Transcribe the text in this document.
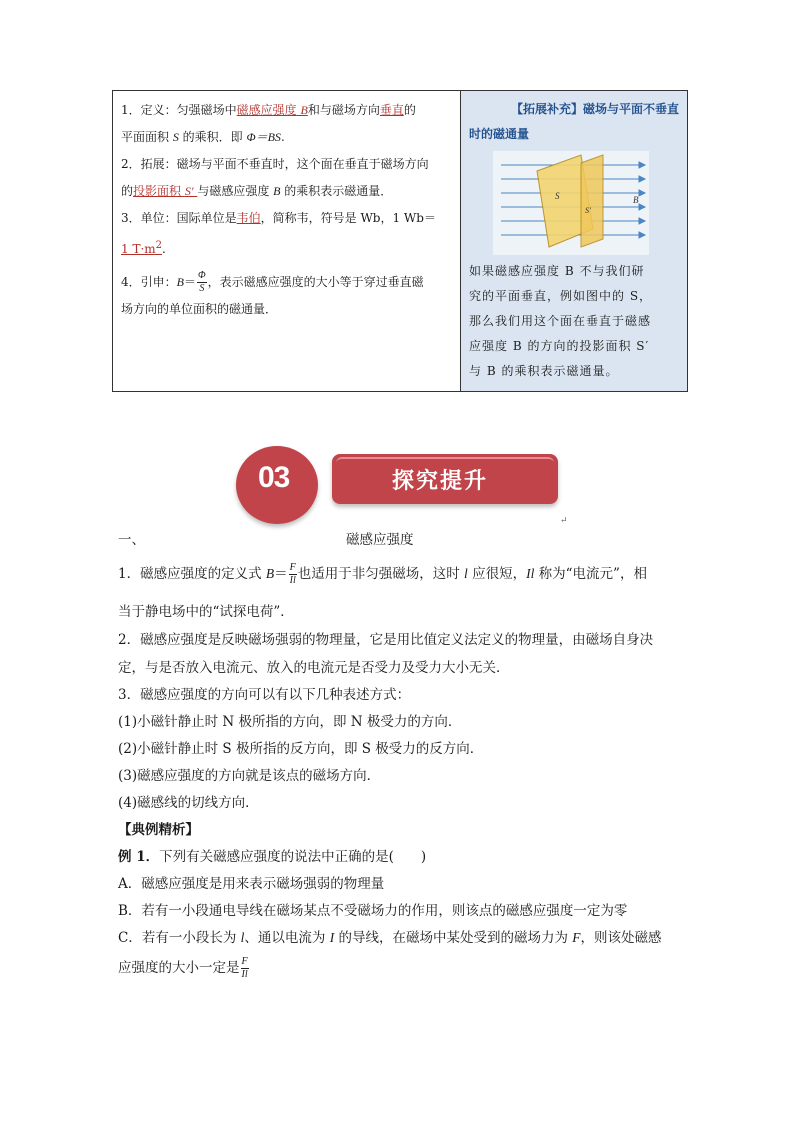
1．定义：匀强磁场中磁感应强度 B和与磁场方向垂直的
平面面积 S 的乘积．即 Φ＝BS.
2．拓展：磁场与平面不垂直时，这个面在垂直于磁场方向
的投影面积 S′ 与磁感应强度 B 的乘积表示磁通量．
3．单位：国际单位是韦伯，简称韦，符号是 Wb，1 Wb＝
1 $T\cdot m^2$.
4．引申：$B= \frac{\Phi}{S}$ ，表示磁感应强度的大小等于穿过垂直磁
场方向的单位面积的磁通量．
【拓展补充】磁场与平面不垂直
时的磁通量
S
S′
B
如果磁感应强度 B 不与我们研
究的平面垂直，例如图中的 S，
那么我们用这个面在垂直于磁感
应强度 B 的方向的投影面积 S′
与 B 的乘积表示磁通量。
03	探究提升
↵
一、	磁感应强度
1．磁感应强度的定义式 $B= \frac{F}{Il}$ 也适用于非匀强磁场，这时 l 应很短，Il 称为“电流元”，相
当于静电场中的“试探电荷”．
2．磁感应强度是反映磁场强弱的物理量，它是用比值定义法定义的物理量，由磁场自身决
定，与是否放入电流元、放入的电流元是否受力及受力大小无关．
3．磁感应强度的方向可以有以下几种表述方式：
(1)小磁针静止时 N 极所指的方向，即 N 极受力的方向．
(2)小磁针静止时 S 极所指的反方向，即 S 极受力的反方向．
(3)磁感应强度的方向就是该点的磁场方向．
(4)磁感线的切线方向．
【典例精析】
例 1．下列有关磁感应强度的说法中正确的是(　　)
A．磁感应强度是用来表示磁场强弱的物理量
B．若有一小段通电导线在磁场某点不受磁场力的作用，则该点的磁感应强度一定为零
C．若有一小段长为 l、通以电流为 I 的导线，在磁场中某处受到的磁场力为 F，则该处磁感
应强度的大小一定是 $\frac{F}{Il}$
